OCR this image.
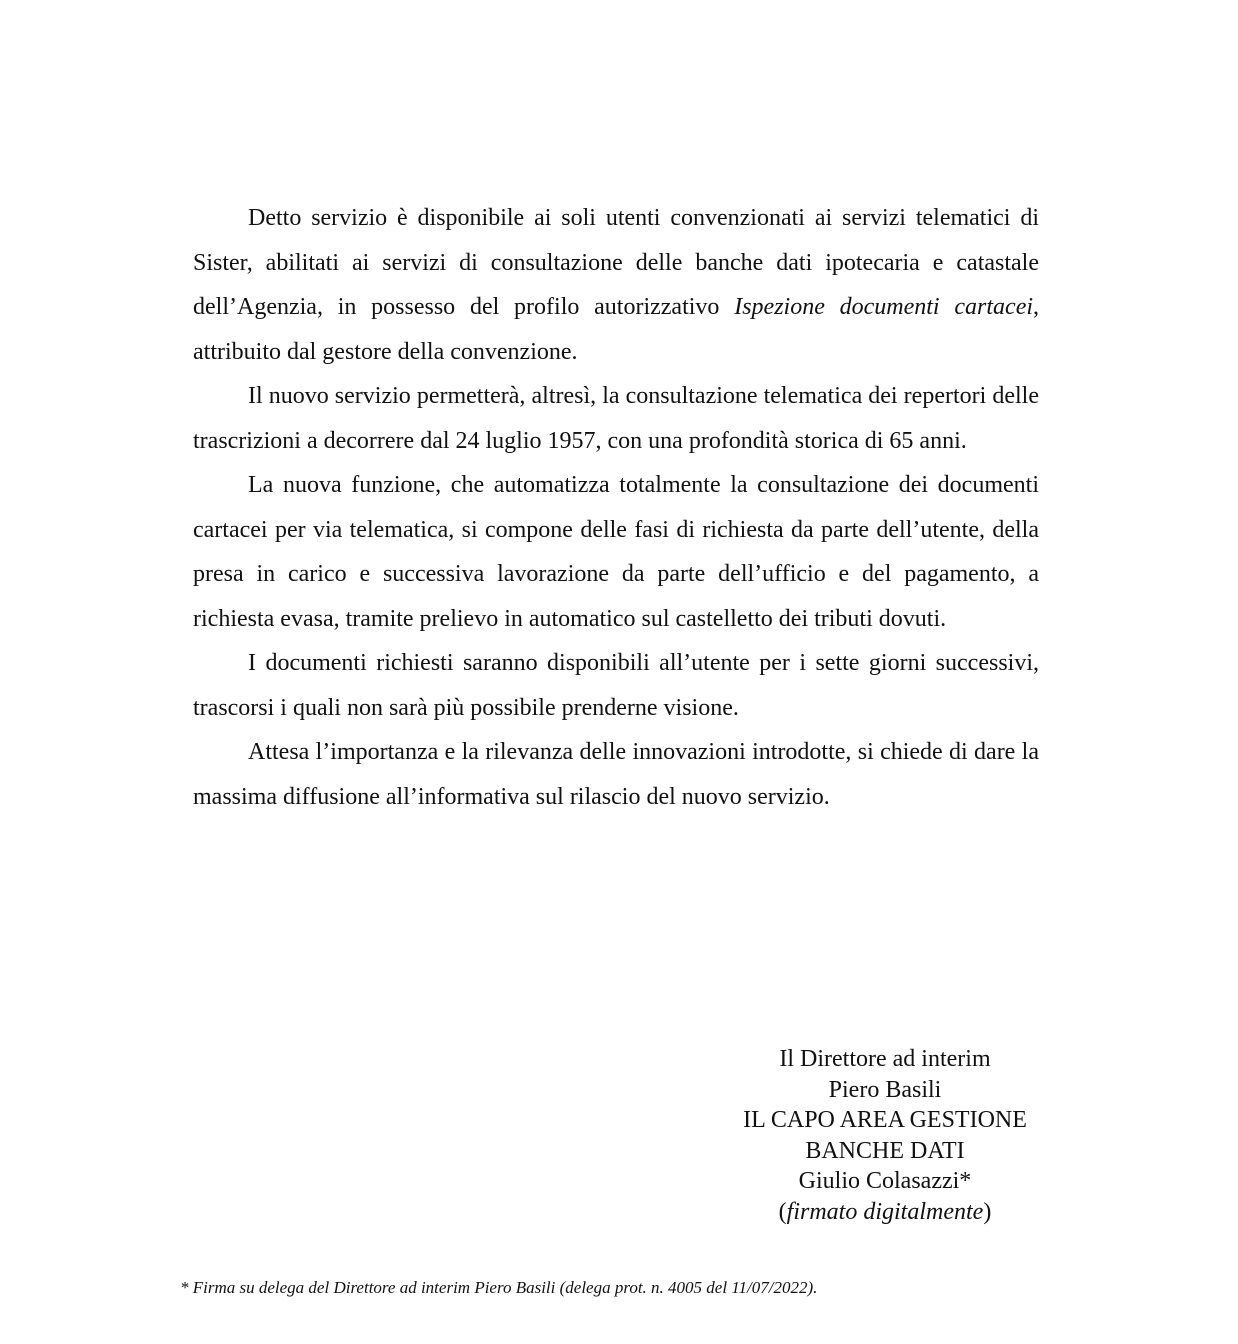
Detto servizio è disponibile ai soli utenti convenzionati ai servizi telematici di Sister, abilitati ai servizi di consultazione delle banche dati ipotecaria e catastale dell’Agenzia, in possesso del profilo autorizzativo Ispezione documenti cartacei, attribuito dal gestore della convenzione.

Il nuovo servizio permetterà, altresì, la consultazione telematica dei repertori delle trascrizioni a decorrere dal 24 luglio 1957, con una profondità storica di 65 anni.

La nuova funzione, che automatizza totalmente la consultazione dei documenti cartacei per via telematica, si compone delle fasi di richiesta da parte dell’utente, della presa in carico e successiva lavorazione da parte dell’ufficio e del pagamento, a richiesta evasa, tramite prelievo in automatico sul castelletto dei tributi dovuti.

I documenti richiesti saranno disponibili all’utente per i sette giorni successivi, trascorsi i quali non sarà più possibile prenderne visione.

Attesa l’importanza e la rilevanza delle innovazioni introdotte, si chiede di dare la massima diffusione all’informativa sul rilascio del nuovo servizio.

Il Direttore ad interim
Piero Basili
IL CAPO AREA GESTIONE
BANCHE DATI
Giulio Colasazzi*
(firmato digitalmente)
* Firma su delega del Direttore ad interim Piero Basili (delega prot. n. 4005 del 11/07/2022).
